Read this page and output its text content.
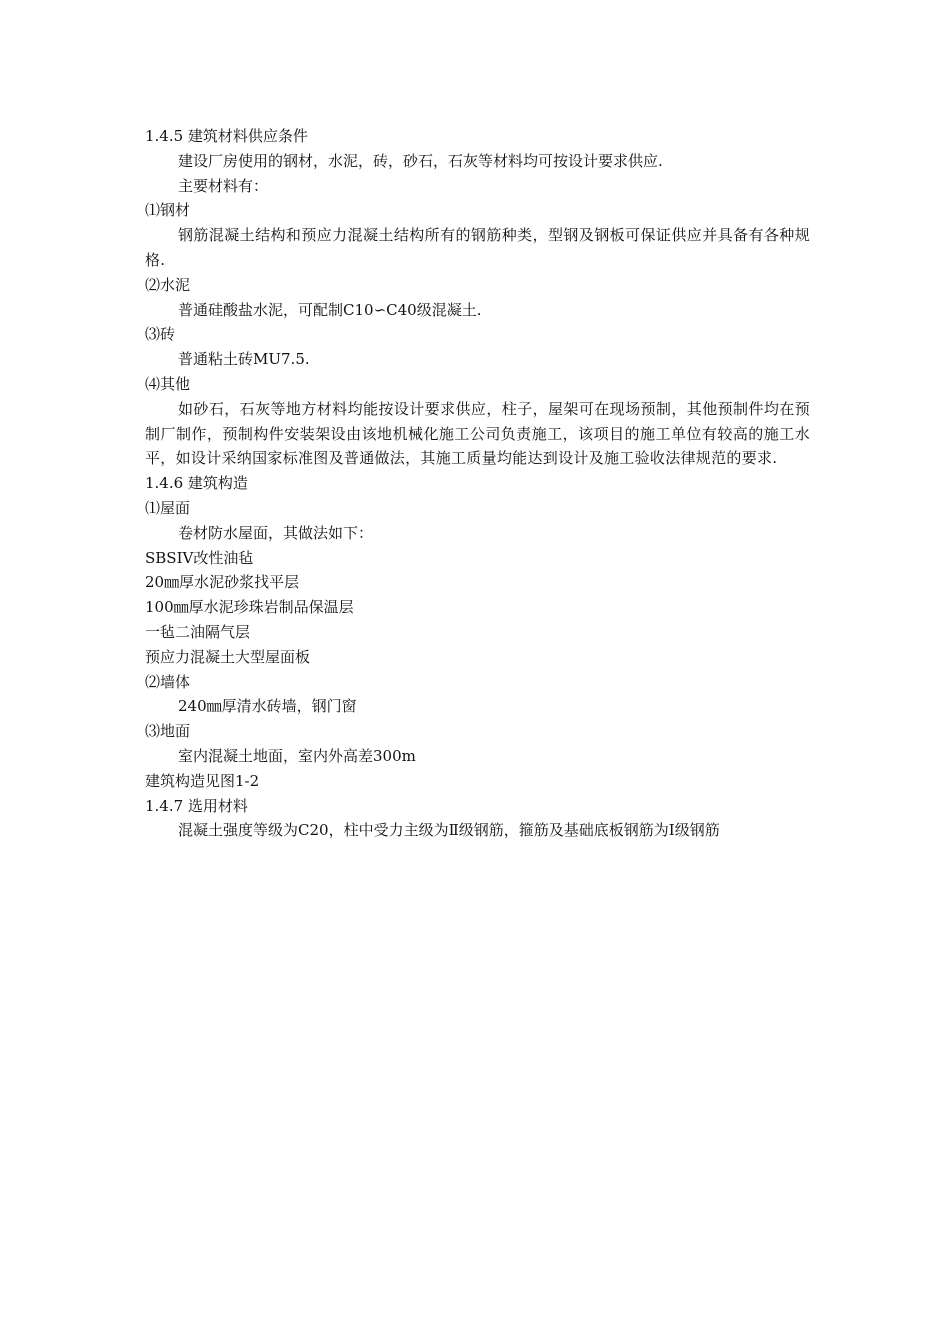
1.4.5 建筑材料供应条件
建设厂房使用的钢材，水泥，砖，砂石，石灰等材料均可按设计要求供应.
主要材料有：
⑴钢材
钢筋混凝土结构和预应力混凝土结构所有的钢筋种类，型钢及钢板可保证供应并具备有各种规格.
⑵水泥
普通硅酸盐水泥，可配制C10∽C40级混凝土.
⑶砖
普通粘土砖MU7.5.
⑷其他
如砂石，石灰等地方材料均能按设计要求供应，柱子，屋架可在现场预制，其他预制件均在预制厂制作，预制构件安装架设由该地机械化施工公司负责施工，该项目的施工单位有较高的施工水平，如设计采纳国家标准图及普通做法，其施工质量均能达到设计及施工验收法律规范的要求.
1.4.6 建筑构造
⑴屋面
卷材防水屋面，其做法如下：
SBSIV改性油毡
20㎜厚水泥砂浆找平层
100㎜厚水泥珍珠岩制品保温层
一毡二油隔气层
预应力混凝土大型屋面板
⑵墙体
240㎜厚清水砖墙，钢门窗
⑶地面
室内混凝土地面，室内外高差300m
建筑构造见图1-2
1.4.7 选用材料
混凝土强度等级为C20，柱中受力主级为Ⅱ级钢筋，箍筋及基础底板钢筋为Ⅰ级钢筋
